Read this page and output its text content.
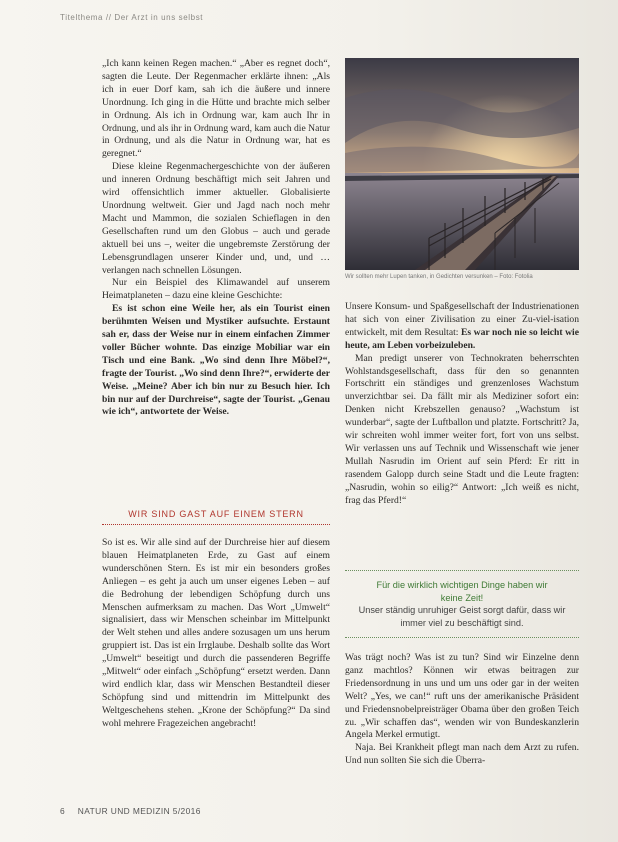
Titelthema // Der Arzt in uns selbst

„Ich kann keinen Regen machen.“ „Aber es regnet doch“, sagten die Leute. Der Regenmacher erklärte ihnen: „Als ich in euer Dorf kam, sah ich die äußere und innere Unordnung. Ich ging in die Hütte und brachte mich selber in Ordnung. Als ich in Ordnung war, kam auch Ihr in Ordnung, und als ihr in Ordnung ward, kam auch die Natur in Ordnung, und als die Natur in Ordnung war, hat es geregnet.“

Diese kleine Regenmachergeschichte von der äußeren und inneren Ordnung beschäftigt mich seit Jahren und wird offensichtlich immer aktueller. Globalisierte Unordnung weltweit. Gier und Jagd nach noch mehr Macht und Mammon, die sozialen Schieflagen in den Gesellschaften rund um den Globus – auch und gerade aktuell bei uns –, weiter die ungebremste Zerstörung der Lebensgrundlagen unserer Kinder und, und, und … verlangen nach schnellen Lösungen.

Nur ein Beispiel des Klimawandel auf unserem Heimatplaneten – dazu eine kleine Geschichte:

Es ist schon eine Weile her, als ein Tourist einen berühmten Weisen und Mystiker aufsuchte. Erstaunt sah er, dass der Weise nur in einem einfachen Zimmer voller Bücher wohnte. Das einzige Mobiliar war ein Tisch und eine Bank. „Wo sind denn Ihre Möbel?“, fragte der Tourist. „Wo sind denn Ihre?“, erwiderte der Weise. „Meine? Aber ich bin nur zu Besuch hier. Ich bin nur auf der Durchreise“, sagte der Tourist. „Genau wie ich“, antwortete der Weise.

WIR SIND GAST AUF EINEM STERN

So ist es. Wir alle sind auf der Durchreise hier auf diesem blauen Heimatplaneten Erde, zu Gast auf einem wunderschönen Stern. Es ist mir ein besonders großes Anliegen – es geht ja auch um unser eigenes Leben – auf die Bedrohung der lebendigen Schöpfung durch uns Menschen aufmerksam zu machen. Das Wort „Umwelt“ signalisiert, dass wir Menschen scheinbar im Mittelpunkt der Welt stehen und alles andere sozusagen um uns herum gruppiert ist. Das ist ein Irrglaube. Deshalb sollte das Wort „Umwelt“ beseitigt und durch die passenderen Begriffe „Mitwelt“ oder einfach „Schöpfung“ ersetzt werden. Dann wird endlich klar, dass wir Menschen Bestandteil dieser Schöpfung sind und mittendrin im Mittelpunkt des Weltgeschehens stehen. „Krone der Schöpfung?“ Da sind wohl mehrere Fragezeichen angebracht!

Wir sollten mehr Lupen tanken, in Gedichten versunken – Foto: Fotolia

Unsere Konsum- und Spaßgesellschaft der Industrienationen hat sich von einer Zivilisation zu einer Zu-viel-isation entwickelt, mit dem Resultat: Es war noch nie so leicht wie heute, am Leben vorbeizuleben.

Man predigt unserer von Technokraten beherrschten Wohlstandsgesellschaft, dass für den so genannten Fortschritt ein ständiges und grenzenloses Wachstum unverzichtbar sei. Da fällt mir als Mediziner sofort ein: Denken nicht Krebszellen genauso? „Wachstum ist wunderbar“, sagte der Luftballon und platzte. Fortschritt? Ja, wir schreiten wohl immer weiter fort, fort von uns selbst. Wir verlassen uns auf Technik und Wissenschaft wie jener Mullah Nasrudin im Orient auf sein Pferd: Er ritt in rasendem Galopp durch seine Stadt und die Leute fragten: „Nasrudin, wohin so eilig?“ Antwort: „Ich weiß es nicht, frag das Pferd!“

Für die wirklich wichtigen Dinge haben wir
keine Zeit!
Unser ständig unruhiger Geist sorgt dafür, dass wir immer viel zu beschäftigt sind.

Was trägt noch? Was ist zu tun? Sind wir Einzelne denn ganz machtlos? Können wir etwas beitragen zur Friedensordnung in uns und um uns oder gar in der weiten Welt? „Yes, we can!“ ruft uns der amerikanische Präsident und Friedensnobelpreisträger Obama über den großen Teich zu. „Wir schaffen das“, wenden wir von Bundeskanzlerin Angela Merkel ermutigt.

Naja. Bei Krankheit pflegt man nach dem Arzt zu rufen. Und nun sollten Sie sich die Überra-

6 NATUR UND MEDIZIN 5/2016
